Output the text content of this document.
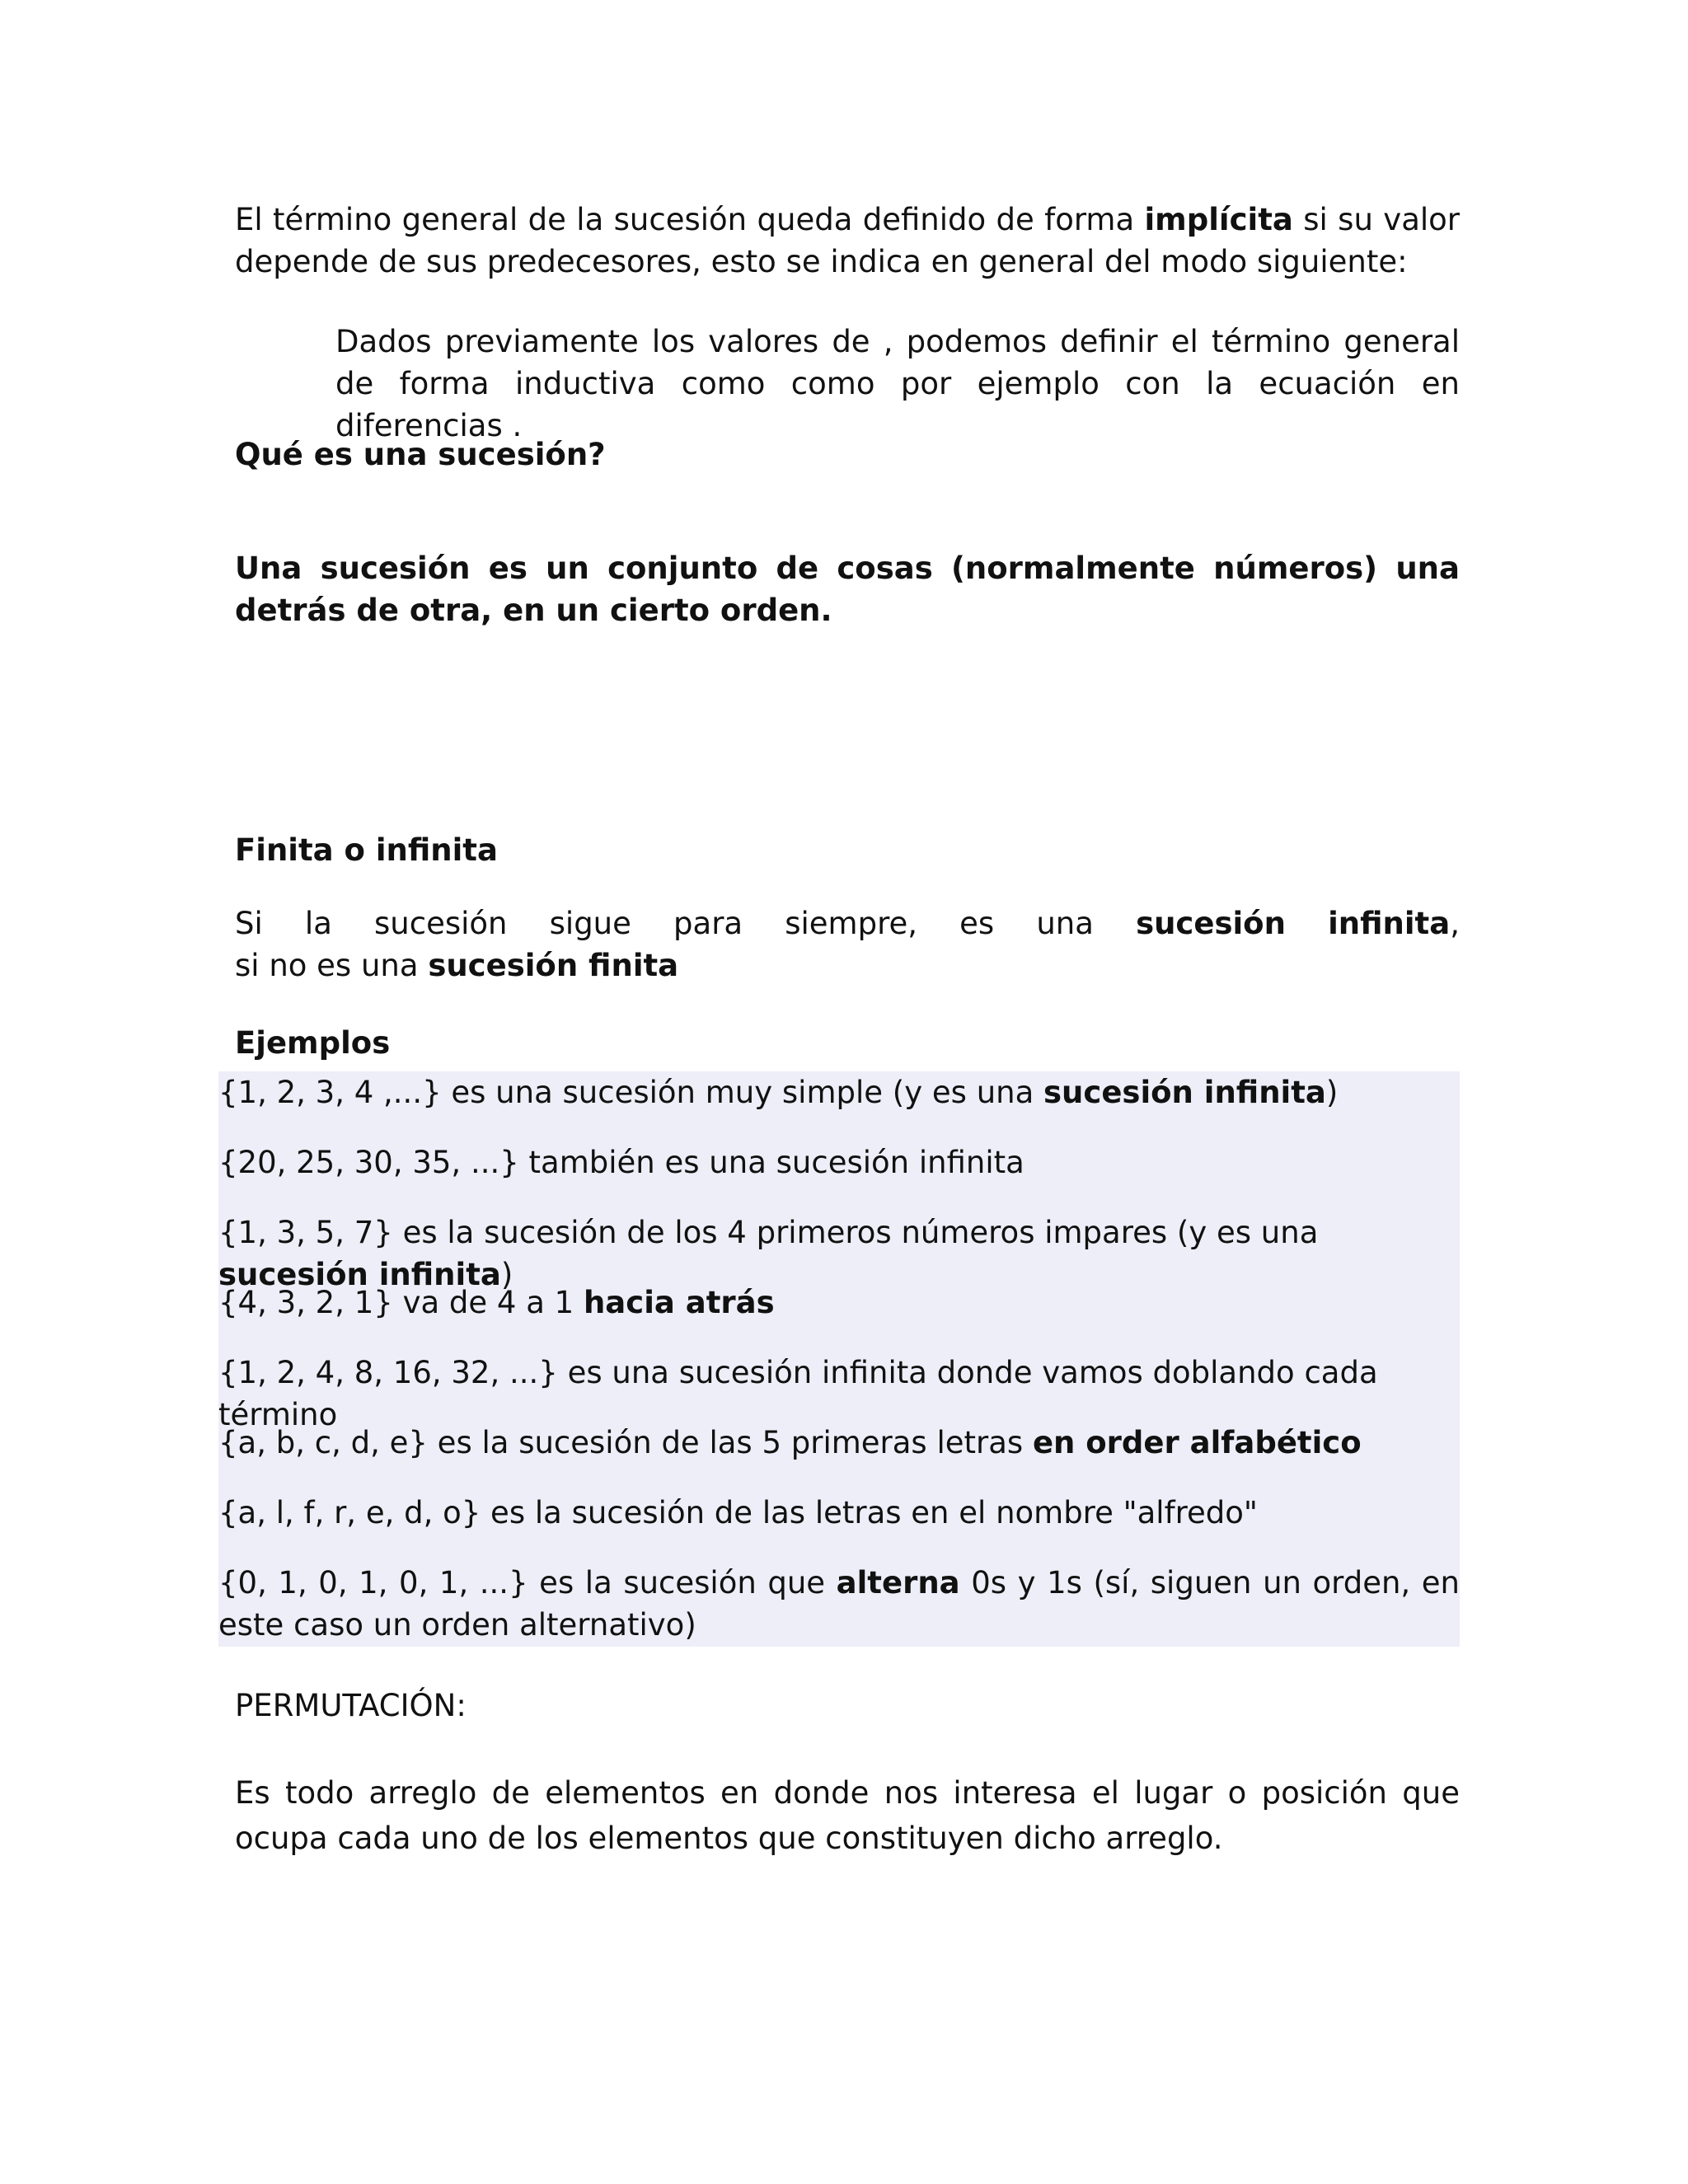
El término general de la sucesión queda definido de forma implícita si su valor depende de sus predecesores, esto se indica en general del modo siguiente:
Dados previamente los valores de , podemos definir el término general de forma inductiva como como por ejemplo con la ecuación en diferencias .
Qué es una sucesión?
Una sucesión es un conjunto de cosas (normalmente números) una detrás de otra, en un cierto orden.
Finita o infinita
Si la sucesión sigue para siempre, es una sucesión infinita,
si no es una sucesión finita
Ejemplos
{1, 2, 3, 4 ,...} es una sucesión muy simple (y es una sucesión infinita)
{20, 25, 30, 35, ...} también es una sucesión infinita
{1, 3, 5, 7} es la sucesión de los 4 primeros números impares (y es una sucesión infinita)
{4, 3, 2, 1} va de 4 a 1 hacia atrás
{1, 2, 4, 8, 16, 32, ...} es una sucesión infinita donde vamos doblando cada término
{a, b, c, d, e} es la sucesión de las 5 primeras letras en order alfabético
{a, l, f, r, e, d, o} es la sucesión de las letras en el nombre "alfredo"
{0, 1, 0, 1, 0, 1, ...} es la sucesión que alterna 0s y 1s (sí, siguen un orden, en este caso un orden alternativo)
PERMUTACIÓN:
Es todo arreglo de elementos en donde nos interesa el lugar o posición que ocupa cada uno de los elementos que constituyen dicho arreglo.
